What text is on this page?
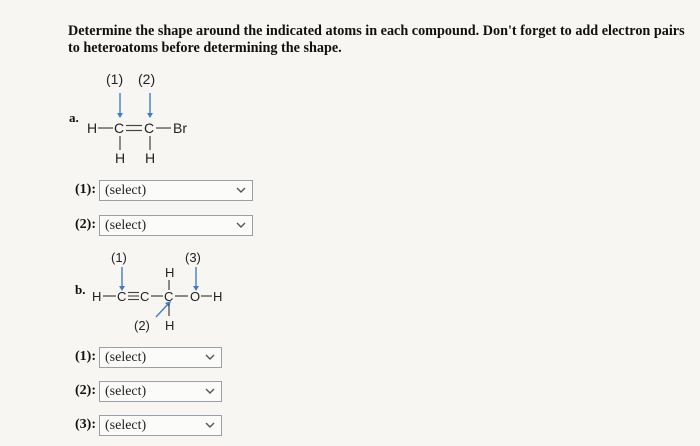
Determine the shape around the indicated atoms in each compound. Don't forget to add electron pairs
to heteroatoms before determining the shape.
a.
(1) (2)
H C C Br
H H
(1): (select)
(2): (select)
b.
(1)	(3)
(2)
H C C C O H
H
H
(1): (select)
(2): (select)
(3): (select)
